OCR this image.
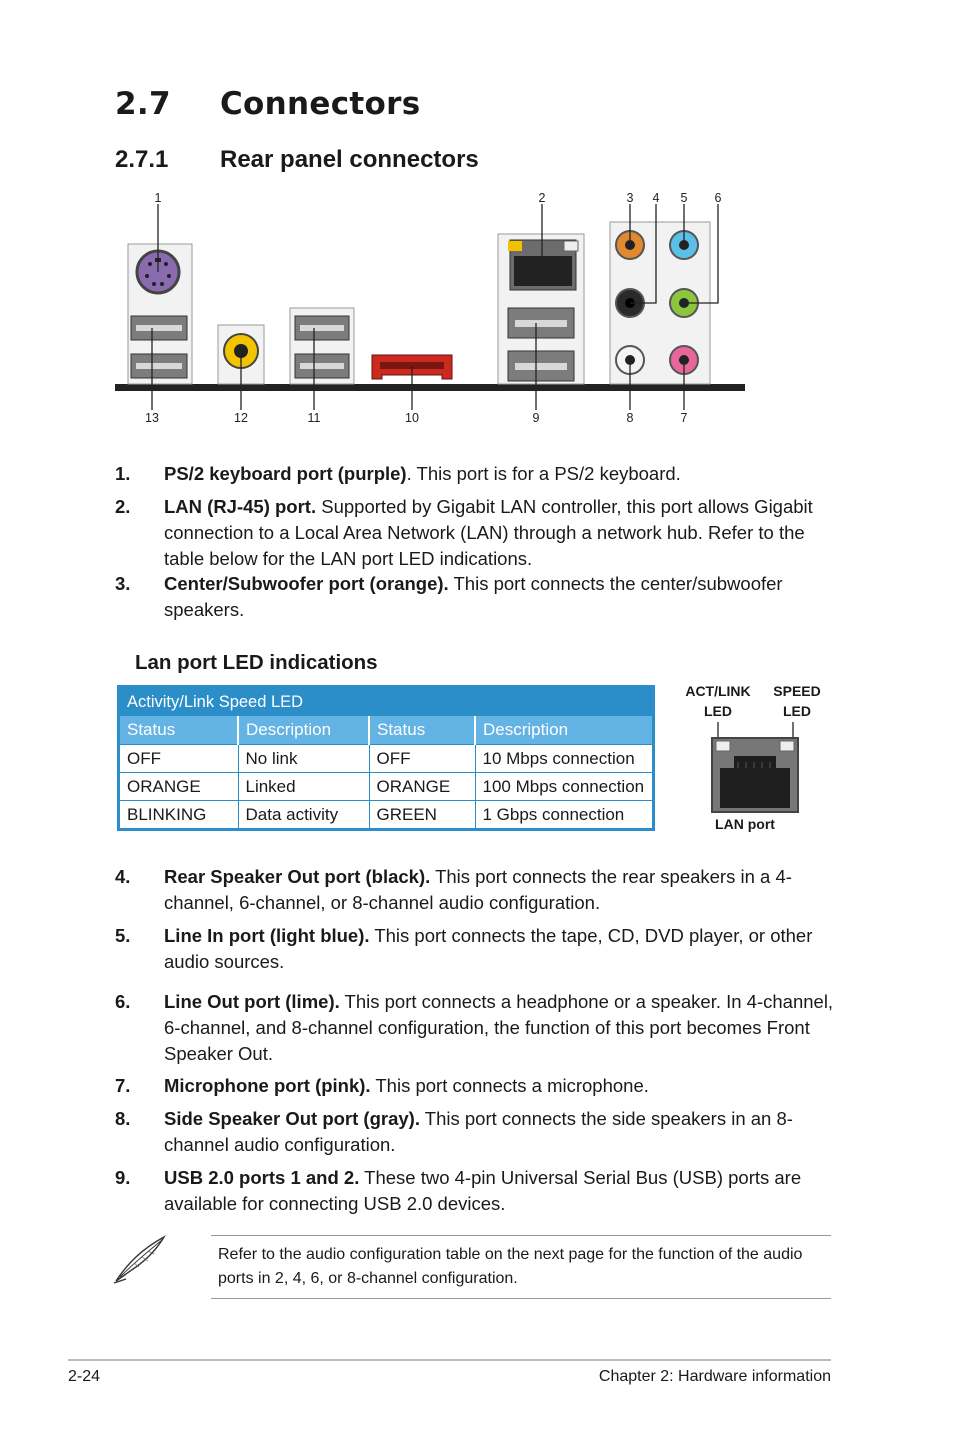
2.7 Connectors
2.7.1 Rear panel connectors
1	2	3 4 5 6
13	12	11	10	9	8	7
1. PS/2 keyboard port (purple). This port is for a PS/2 keyboard.
2. LAN (RJ-45) port. Supported by Gigabit LAN controller, this port allows Gigabit connection to a Local Area Network (LAN) through a network hub. Refer to the table below for the LAN port LED indications.
3. Center/Subwoofer port (orange). This port connects the center/subwoofer speakers.
Lan port LED indications
Activity/Link Speed LED			
Status	Description	Status	Description
OFF	No link	OFF	10 Mbps connection
ORANGE	Linked	ORANGE	100 Mbps connection
BLINKING	Data activity	GREEN	1 Gbps connection
ACT/LINK
LED
SPEED
LED
LAN port
4. Rear Speaker Out port (black). This port connects the rear speakers in a 4-channel, 6-channel, or 8-channel audio configuration.
5. Line In port (light blue). This port connects the tape, CD, DVD player, or other audio sources.
6. Line Out port (lime). This port connects a headphone or a speaker. In 4-channel, 6-channel, and 8-channel configuration, the function of this port becomes Front Speaker Out.
7. Microphone port (pink). This port connects a microphone.
8. Side Speaker Out port (gray). This port connects the side speakers in an 8-channel audio configuration.
9. USB 2.0 ports 1 and 2. These two 4-pin Universal Serial Bus (USB) ports are available for connecting USB 2.0 devices.
Refer to the audio configuration table on the next page for the function of the audio ports in 2, 4, 6, or 8-channel configuration.
2-24	Chapter 2: Hardware information
